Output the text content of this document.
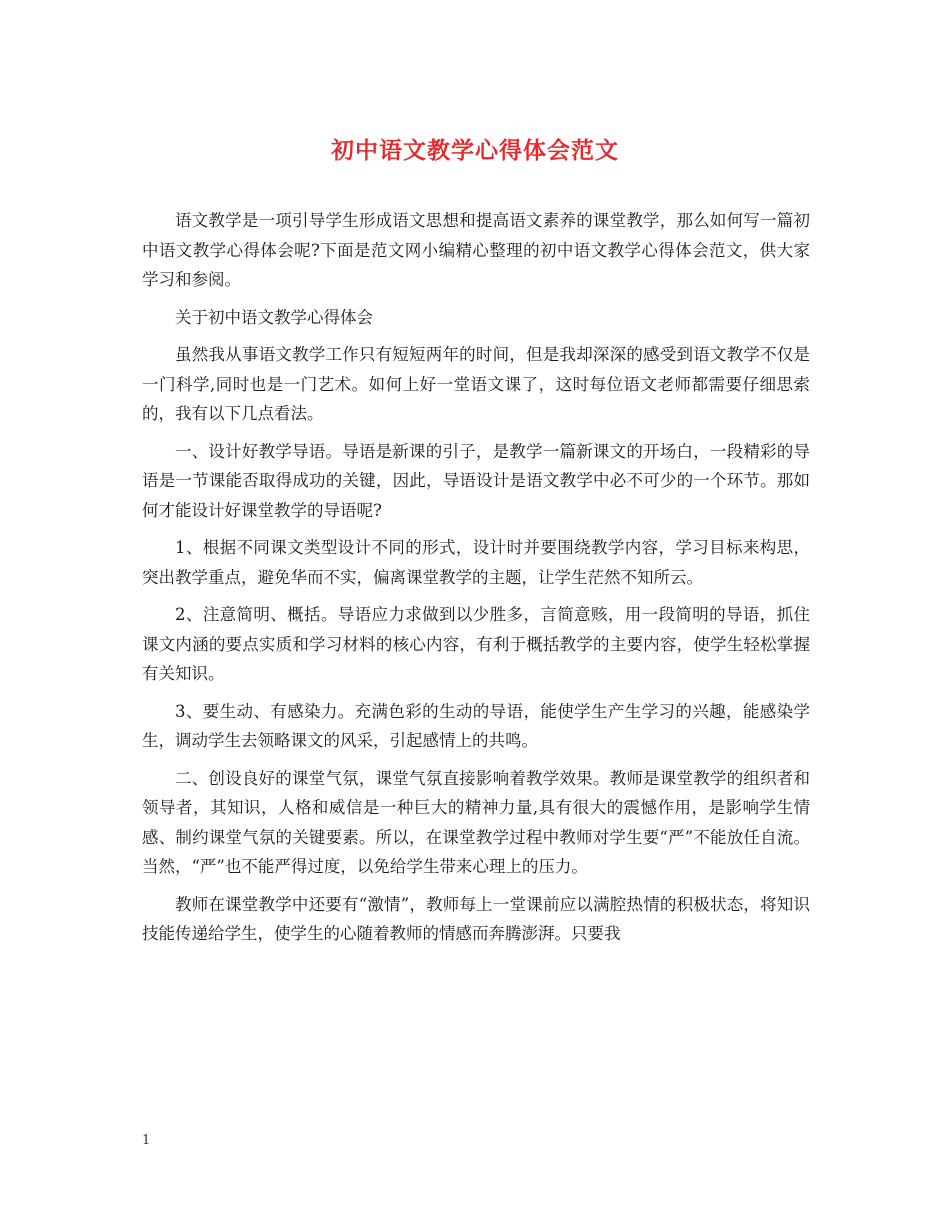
初中语文教学心得体会范文

语文教学是一项引导学生形成语文思想和提高语文素养的课堂教学，那么如何写一篇初中语文教学心得体会呢?下面是范文网小编精心整理的初中语文教学心得体会范文，供大家学习和参阅。

关于初中语文教学心得体会

虽然我从事语文教学工作只有短短两年的时间，但是我却深深的感受到语文教学不仅是一门科学,同时也是一门艺术。如何上好一堂语文课了，这时每位语文老师都需要仔细思索的，我有以下几点看法。

一、设计好教学导语。导语是新课的引子，是教学一篇新课文的开场白，一段精彩的导语是一节课能否取得成功的关键，因此，导语设计是语文教学中必不可少的一个环节。那如何才能设计好课堂教学的导语呢?

1、根据不同课文类型设计不同的形式，设计时并要围绕教学内容，学习目标来构思，突出教学重点，避免华而不实，偏离课堂教学的主题，让学生茫然不知所云。

2、注意简明、概括。导语应力求做到以少胜多，言简意赅，用一段简明的导语，抓住课文内涵的要点实质和学习材料的核心内容，有利于概括教学的主要内容，使学生轻松掌握有关知识。

3、要生动、有感染力。充满色彩的生动的导语，能使学生产生学习的兴趣，能感染学生，调动学生去领略课文的风采，引起感情上的共鸣。

二、创设良好的课堂气氛，课堂气氛直接影响着教学效果。教师是课堂教学的组织者和领导者，其知识，人格和威信是一种巨大的精神力量,具有很大的震憾作用，是影响学生情感、制约课堂气氛的关键要素。所以，在课堂教学过程中教师对学生要“严”不能放任自流。当然，“严”也不能严得过度，以免给学生带来心理上的压力。

教师在课堂教学中还要有“激情”，教师每上一堂课前应以满腔热情的积极状态，将知识技能传递给学生，使学生的心随着教师的情感而奔腾澎湃。只要我

1
